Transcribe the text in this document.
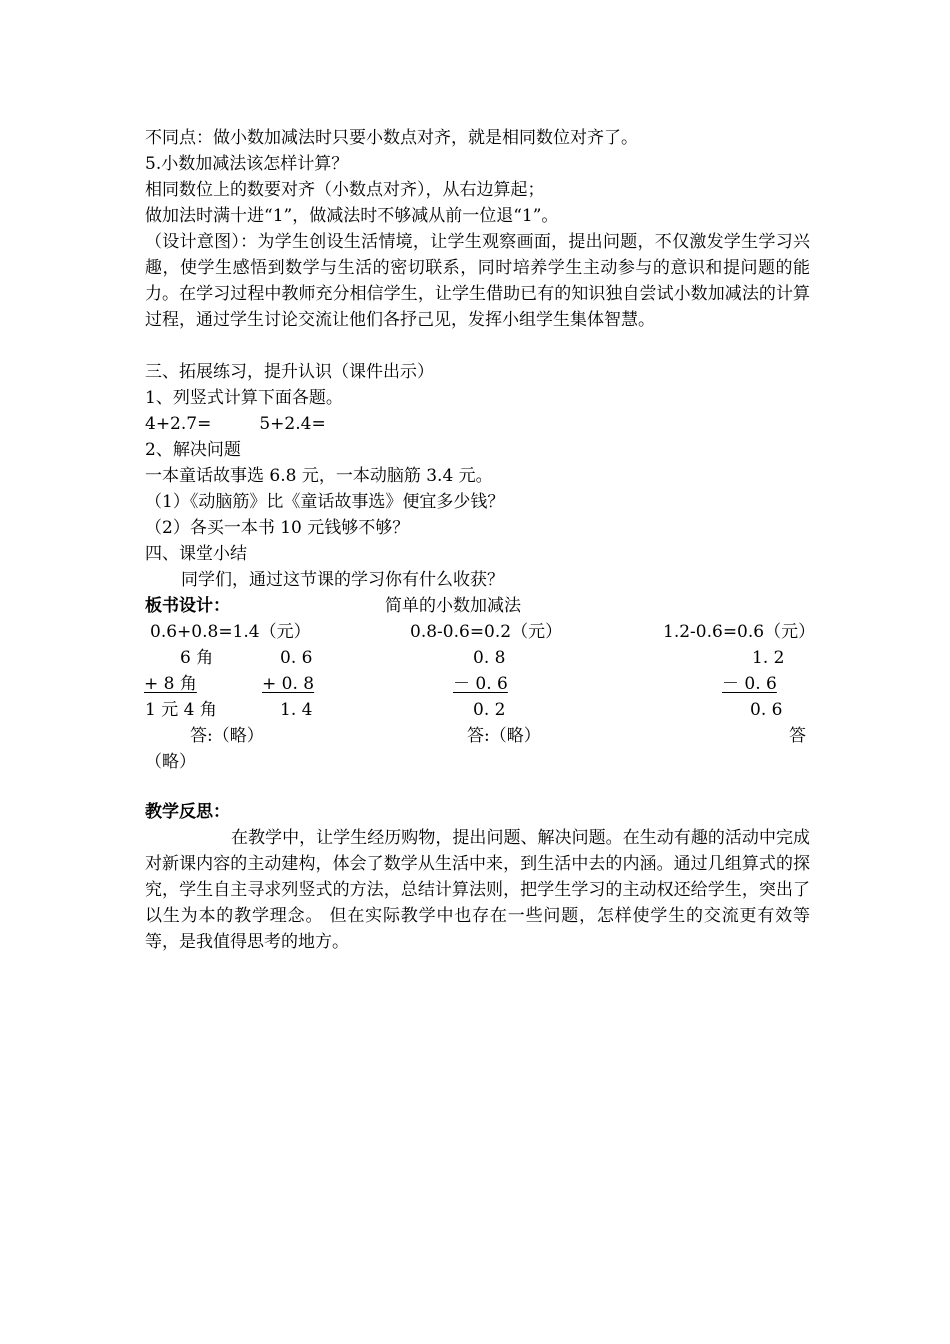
不同点：做小数加减法时只要小数点对齐，就是相同数位对齐了。

5.小数加减法该怎样计算？

相同数位上的数要对齐（小数点对齐），从右边算起；

做加法时满十进“1”，做减法时不够减从前一位退“1”。

（设计意图）：为学生创设生活情境，让学生观察画面，提出问题，不仅激发学生学习兴趣，使学生感悟到数学与生活的密切联系，同时培养学生主动参与的意识和提问题的能力。在学习过程中教师充分相信学生，让学生借助已有的知识独自尝试小数加减法的计算过程，通过学生讨论交流让他们各抒己见，发挥小组学生集体智慧。

三、拓展练习，提升认识（课件出示）

1、列竖式计算下面各题。

4+2.7=	5+2.4=

2、解决问题

一本童话故事选 6.8 元，一本动脑筋 3.4 元。

（1）《动脑筋》比《童话故事选》便宜多少钱？

（2）各买一本书 10 元钱够不够？

四、课堂小结

同学们，通过这节课的学习你有什么收获？

板书设计：	简单的小数加减法

0.6+0.8=1.4（元）	0.8-0.6=0.2（元）	1.2-0.6=0.6（元）

6 角	0. 6	0. 8	1. 2

+ 8 角	+ 0. 8	－ 0. 6	－ 0. 6

1 元 4 角	1. 4	0. 2	0. 6

答:（略）	答:（略）	答

（略）

教学反思：

在教学中，让学生经历购物，提出问题、解决问题。在生动有趣的活动中完成对新课内容的主动建构，体会了数学从生活中来，到生活中去的内涵。通过几组算式的探究，学生自主寻求列竖式的方法，总结计算法则，把学生学习的主动权还给学生，突出了以生为本的教学理念。 但在实际教学中也存在一些问题，怎样使学生的交流更有效等等，是我值得思考的地方。
